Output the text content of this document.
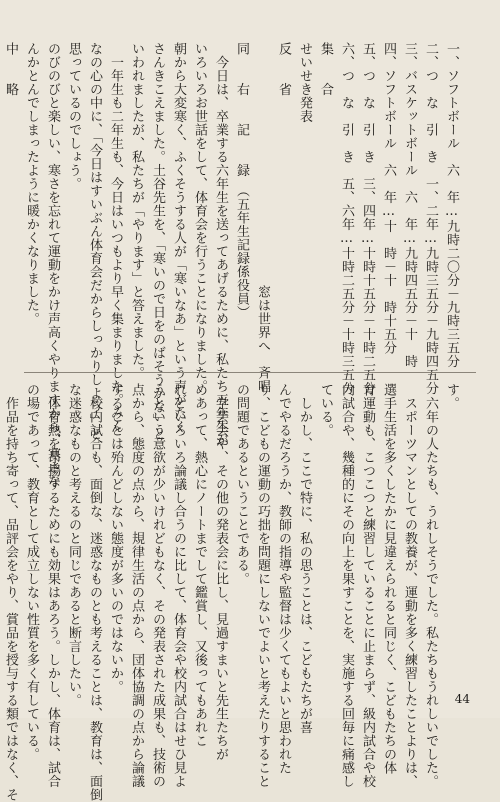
一、ソフトボール　六　年…九時二〇分－九時三五分
二、つ　な　引　き　一、二年…九時三五分－九時四五分
三、バスケットボール　六　年…九時四五分－十　時
四、ソフトボール　六　年…十　時－十　時十五分
五、つ　な　引　き　三、四年…十時十五分－十時二五分
六、つ　な　引　き　五、六年…十時二五分－十時三五分
集　　合
せいせき発表
反　　省
　　　　　　　　　　　　　　　　　　窓は世界へ　斉唱
同　　右　　記　　録　（五年生記録係役員）
　今日は、卒業する六年生を送ってあげるために、私たち五年生が
いろいろお世話をして、体育会を行うことになりました。
朝から大変寒く、ふくそうする人が「寒いなあ」という声がたく
さんきこえました。土谷先生を、「寒いので日をのばそうかな」と
いわれましたが、私たちが「やります」と答えました。
　一年生も二年生も、今日はいつもより早く集まりました。みん
なの心の中に、「今日はすいぶん体育会だからしっかりしよう」と
思っているのでしょう。
のびのびと楽しい、寒さを忘れて運動をかけ声高くやりますから、寒さな
んかとんでしまったように暖かくなりました。
中　　略
す。
　六年の人たちも、うれしそうでした。私たちもうれしいでした。
　スポーツマンとしての教養が、運動を多く練習したことよりは、
選手生活を多くしたかに見違えられると同じく、こどもたちの体
育運動も、こつこつと練習していることに止まらず、級内試合や校
内試合や、幾種的にその向上を果すことを、実施する回毎に痛感し
ている。
　しかし、ここで特に、私の思うことは、こどもたちが喜
んでやるだろうか、教師の指導や監督は少くてもよいと思われた
り、こどもの運動の巧拙を問題にしないでよいと考えたりすること
の問題であるということである。
　学芸会や、その他の発表会に比し、見過すまいと先生たちが
めあって、熱心にノートまでして鑑賞し、又後ってもあれこ
れといろいろ論議し合うのに比して、体育会や校内試合はせひ見よ
うという意欲が少いけれどもなく、その発表された成果も、技術の
点から、態度の点から、規律生活の点から、団体協調の点から論議
することは殆んどしない態度が多いのではないか。
　校内試合も、面倒な、迷惑なものとも考えることは、教育は、面倒
な迷惑なものと考えるのと同じであると断言したい。
　体育熱を昂揚するためにも効果はあろう。しかし、体育は、試合
の場であって、教育として成立しない性質を多く有している。
　作品を持ち寄って、品評会をやり、賞品を授与する類ではなく、そ	44
